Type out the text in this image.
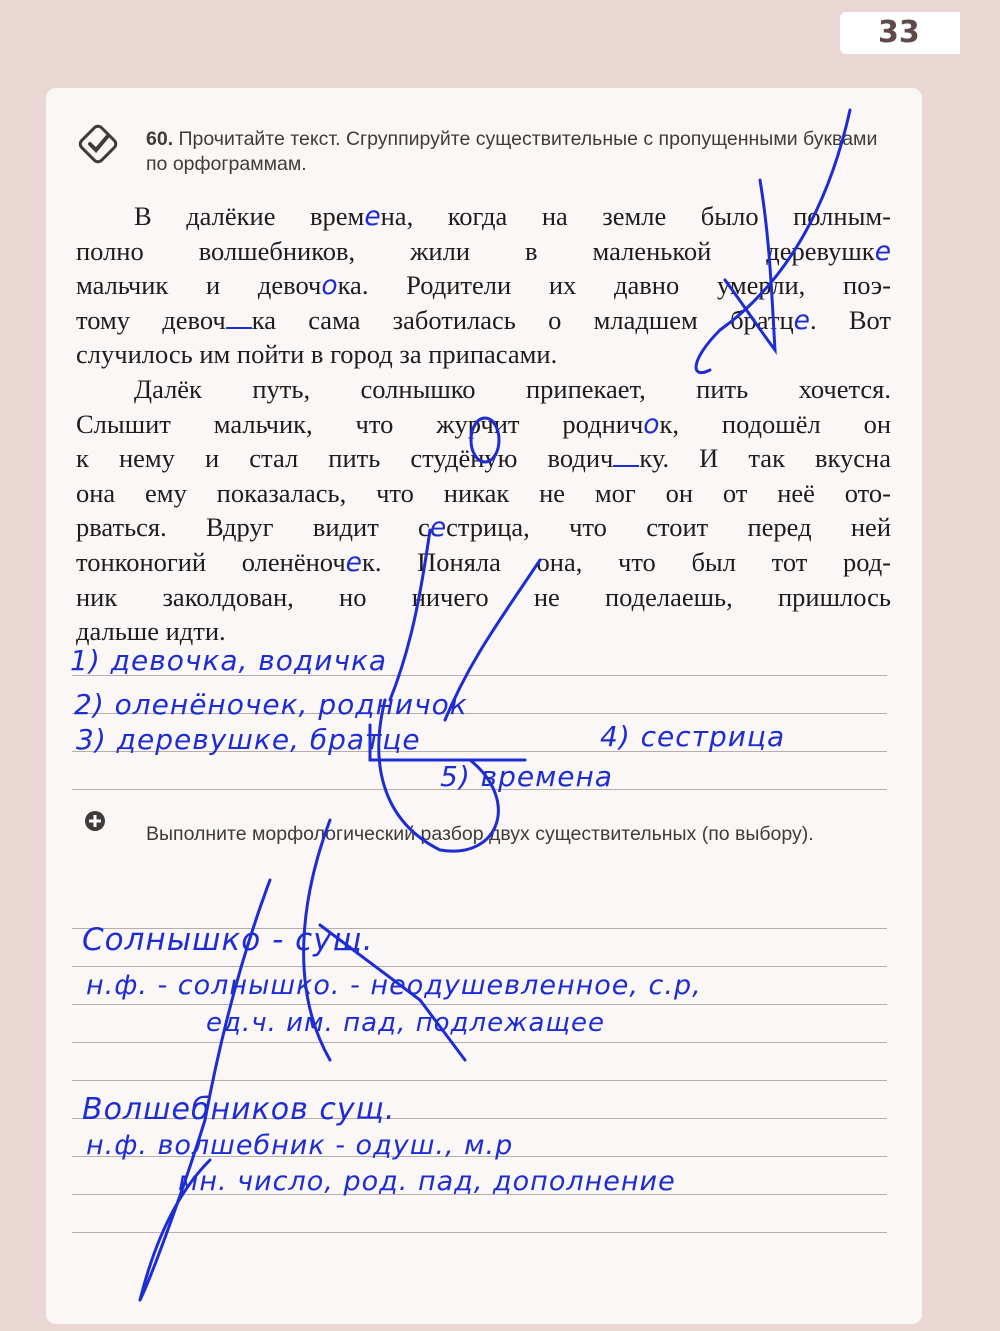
33
60. Прочитайте текст. Сгруппируйте существительные с пропущенными буквами по орфограммам.
В далёкие времена, когда на земле было полным-
полно волшебников, жили в маленькой деревушке
мальчик и девочока. Родители их давно умерли, поэ-
тому девоч ка сама заботилась о младшем братце. Вот
случилось им пойти в город за припасами.
Далёк путь, солнышко припекает, пить хочется.
Слышит мальчик, что журчит родничок, подошёл он
к нему и стал пить студёную водич ку. И так вкусна
она ему показалась, что никак не мог он от неё ото-
рваться. Вдруг видит сестрица, что стоит перед ней
тонконогий оленёночек. Поняла она, что был тот род-
ник заколдован, но ничего не поделаешь, пришлось
дальше идти.
1) девочка, водичка
2) оленёночек, родничок
3) деревушке, братце	4) сестрица
5) времена
Выполните морфологический разбор двух существительных (по выбору).
Солнышко - сущ.
н.ф. - солнышко. - неодушевленное, с.р,
ед.ч. им. пад, подлежащее
Волшебников сущ.
н.ф. волшебник - одуш., м.р
мн. число, род. пад, дополнение
